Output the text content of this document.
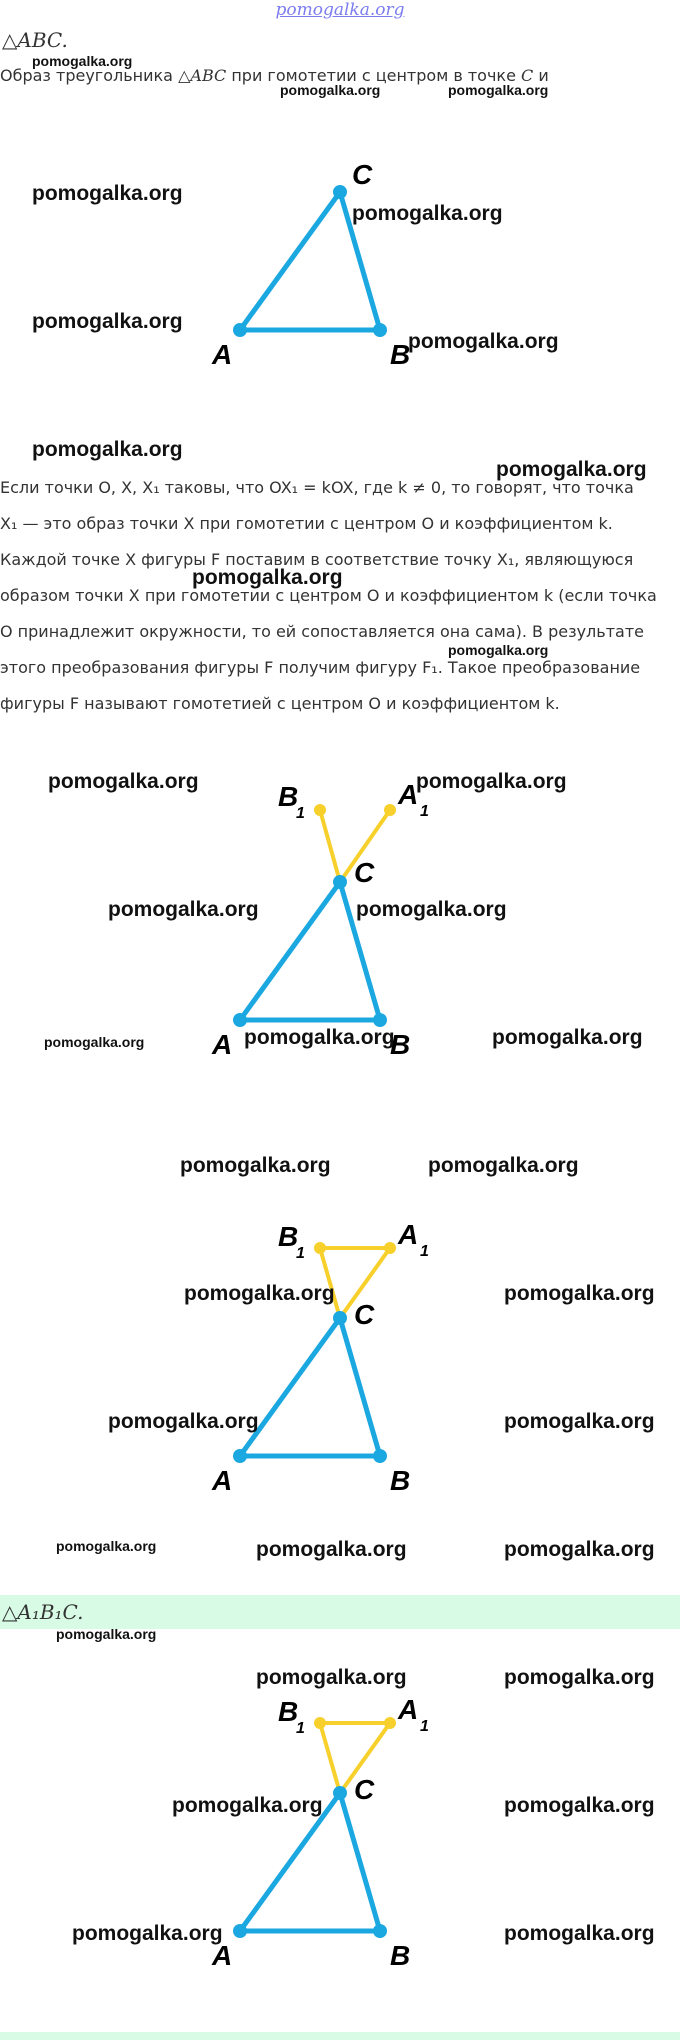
pomogalka.org
△ABC.
Образ треугольника △ABC при гомотетии с центром в точке C и
C
A	B
Если точки O, X, X₁ таковы, что OX₁ = kOX, где k ≠ 0, то говорят, что точка
X₁ — это образ точки X при гомотетии с центром O и коэффициентом k.
Каждой точке X фигуры F поставим в соответствие точку X₁, являющуюся
образом точки X при гомотетии с центром O и коэффициентом k (если точка
O принадлежит окружности, то ей сопоставляется она сама). В результате
этого преобразования фигуры F получим фигуру F₁. Такое преобразование
фигуры F называют гомотетией с центром O и коэффициентом k.
B
1
A
1
C
A	B
B
1
A
1
C
A	B
△A₁B₁C.
B
1
A
1
C
A	B
pomogalka.org
pomogalka.org	pomogalka.org
pomogalka.org
pomogalka.org
pomogalka.org
pomogalka.org
pomogalka.org
pomogalka.org
pomogalka.org
pomogalka.org
pomogalka.org	pomogalka.org
pomogalka.org	pomogalka.org
pomogalka.org	pomogalka.org	pomogalka.org
pomogalka.org	pomogalka.org
pomogalka.org	pomogalka.org
pomogalka.org	pomogalka.org
pomogalka.org	pomogalka.org	pomogalka.org
pomogalka.org
pomogalka.org	pomogalka.org
pomogalka.org	pomogalka.org
pomogalka.org	pomogalka.org
